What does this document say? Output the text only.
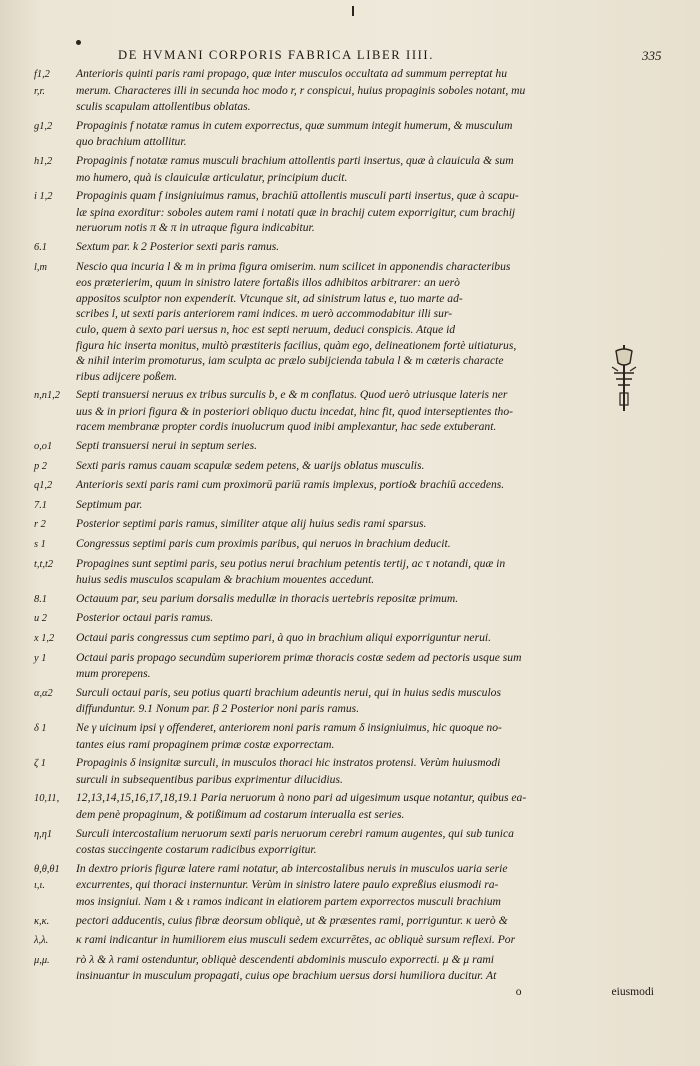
DE HVMANI CORPORIS FABRICA LIBER IIII.	335
f1,2	Anterioris quinti paris rami propago, quæ inter musculos occultata ad summum perreptat hu
r,r.	merum. Characteres illi in secunda hoc modo r, r conspicui, huius propaginis soboles notant, mu
sculis scapulam attollentibus oblatas.
g1,2	Propaginis f notatæ ramus in cutem exporrectus, quæ summum integit humerum, & musculum
quo brachium attollitur.
h1,2	Propaginis f notatæ ramus musculi brachium attollentis parti insertus, quæ à clauicula & sum
mo humero, quà is clauiculæ articulatur, principium ducit.
i 1,2	Propaginis quam f insigniuimus ramus, brachiū attollentis musculi parti insertus, quæ à scapu-
læ spina exorditur: soboles autem rami i notati quæ in brachij cutem exporrigitur, cum brachij
neruorum notis π & π in utraque figura indicabitur.
6.1	Sextum par. k 2 Posterior sexti paris ramus.
l,m	Nescio qua incuria l & m in prima figura omiserim. num scilicet in apponendis characteribus
eos præterierim, quum in sinistro latere fortaßis illos adhibitos arbitrarer: an uerò
appositos sculptor non expenderit. Vtcunque sit, ad sinistrum latus e, tuo marte ad-
scribes l, ut sexti paris anteriorem rami indices. m uerò accommodabitur illi sur-
culo, quem à sexto pari uersus n, hoc est septi neruum, deduci conspicis. Atque id
figura hic inserta monitus, multò præstiteris facilius, quàm ego, delineationem fortè uitiaturus,
& nihil interim promoturus, iam sculpta ac prælo subijcienda tabula l & m cæteris characte
ribus adijcere poßem.
n,n1,2	Septi transuersi neruus ex tribus surculis b, e & m conflatus. Quod uerò utriusque lateris ner
uus & in priori figura & in posteriori obliquo ductu incedat, hinc fit, quod interseptientes tho-
racem membranæ propter cordis inuolucrum quod inibi amplexantur, hac sede extuberant.
o,o1	Septi transuersi nerui in septum series.
p 2	Sexti paris ramus cauam scapulæ sedem petens, & uarijs oblatus musculis.
q1,2	Anterioris sexti paris rami cum proximorū pariū ramis implexus, portio& brachiū accedens.
7.1	Septimum par.
r 2	Posterior septimi paris ramus, similiter atque alij huius sedis rami sparsus.
s 1	Congressus septimi paris cum proximis paribus, qui neruos in brachium deducit.
t,t,t2	Propagines sunt septimi paris, seu potius nerui brachium petentis tertij, ac τ notandi, quæ in
huius sedis musculos scapulam & brachium mouentes accedunt.
8.1	Octauum par, seu parium dorsalis medullæ in thoracis uertebris repositæ primum.
u 2	Posterior octaui paris ramus.
x 1,2	Octaui paris congressus cum septimo pari, à quo in brachium aliqui exporriguntur nerui.
y 1	Octaui paris propago secundùm superiorem primæ thoracis costæ sedem ad pectoris usque sum
mum prorepens.
α,α2	Surculi octaui paris, seu potius quarti brachium adeuntis nerui, qui in huius sedis musculos
diffunduntur. 9.1 Nonum par. β 2 Posterior noni paris ramus.
δ 1	Ne γ uicinum ipsi γ offenderet, anteriorem noni paris ramum δ insigniuimus, hic quoque no-
tantes eius rami propaginem primæ costæ exporrectam.
ζ 1	Propaginis δ insignitæ surculi, in musculos thoraci hic instratos protensi. Verùm huiusmodi
surculi in subsequentibus paribus exprimentur dilucidius.
10,11,	12,13,14,15,16,17,18,19.1 Paria neruorum à nono pari ad uigesimum usque notantur, quibus ea-
dem penè propaginum, & potißimum ad costarum interualla est series.
η,η1	Surculi intercostalium neruorum sexti paris neruorum cerebri ramum augentes, qui sub tunica
costas succingente costarum radicibus exporrigitur.
θ,θ,θ1	In dextro prioris figuræ latere rami notatur, ab intercostalibus neruis in musculos uaria serie
ι,ι.	excurrentes, qui thoraci insternuntur. Verùm in sinistro latere paulo expreßius eiusmodi ra-
mos insigniui. Nam ι & ι ramos indicant in elatiorem partem exporrectos musculi brachium
κ,κ.	pectori adducentis, cuius fibræ deorsum obliquè, ut & præsentes rami, porriguntur. κ uerò &
λ,λ.	κ rami indicantur in humiliorem eius musculi sedem excurrētes, ac obliquè sursum reflexi. Por
μ,μ.	rò λ & λ rami ostenduntur, obliquè descendenti abdominis musculo exporrecti. μ & μ rami
insinuantur in musculum propagati, cuius ope brachium uersus dorsi humiliora ducitur. At
o	eiusmodi
